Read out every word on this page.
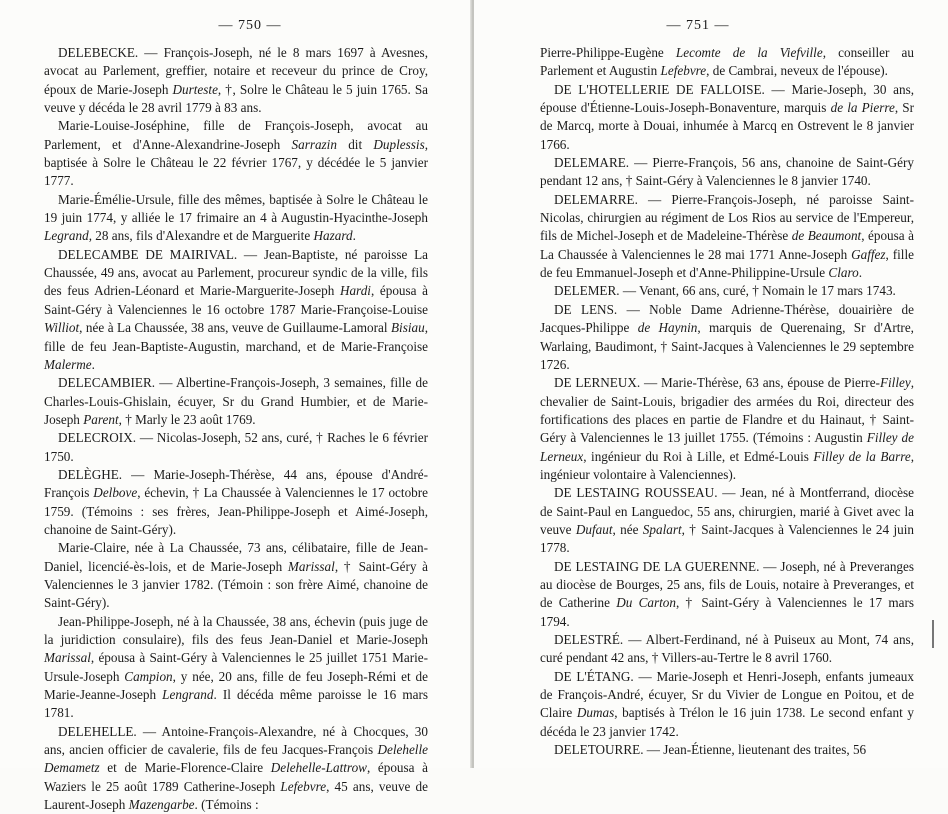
— 750 —

DELEBECKE. — François-Joseph, né le 8 mars 1697 à Avesnes, avocat au Parlement, greffier, notaire et receveur du prince de Croy, époux de Marie-Joseph Durteste, †, Solre le Château le 5 juin 1765. Sa veuve y décéda le 28 avril 1779 à 83 ans.

Marie-Louise-Joséphine, fille de François-Joseph, avocat au Parlement, et d'Anne-Alexandrine-Joseph Sarrazin dit Duplessis, baptisée à Solre le Château le 22 février 1767, y décédée le 5 janvier 1777.

Marie-Émélie-Ursule, fille des mêmes, baptisée à Solre le Château le 19 juin 1774, y alliée le 17 frimaire an 4 à Augustin-Hyacinthe-Joseph Legrand, 28 ans, fils d'Alexandre et de Marguerite Hazard.

DELECAMBE DE MAIRIVAL. — Jean-Baptiste, né paroisse La Chaussée, 49 ans, avocat au Parlement, procureur syndic de la ville, fils des feus Adrien-Léonard et Marie-Marguerite-Joseph Hardi, épousa à Saint-Géry à Valenciennes le 16 octobre 1787 Marie-Françoise-Louise Williot, née à La Chaussée, 38 ans, veuve de Guillaume-Lamoral Bisiau, fille de feu Jean-Baptiste-Augustin, marchand, et de Marie-Françoise Malerme.

DELECAMBIER. — Albertine-François-Joseph, 3 semaines, fille de Charles-Louis-Ghislain, écuyer, Sr du Grand Humbier, et de Marie-Joseph Parent, † Marly le 23 août 1769.

DELECROIX. — Nicolas-Joseph, 52 ans, curé, † Raches le 6 février 1750.

DELÈGHE. — Marie-Joseph-Thérèse, 44 ans, épouse d'André-François Delbove, échevin, † La Chaussée à Valenciennes le 17 octobre 1759. (Témoins : ses frères, Jean-Philippe-Joseph et Aimé-Joseph, chanoine de Saint-Géry).

Marie-Claire, née à La Chaussée, 73 ans, célibataire, fille de Jean-Daniel, licencié-ès-lois, et de Marie-Joseph Marissal, † Saint-Géry à Valenciennes le 3 janvier 1782. (Témoin : son frère Aimé, chanoine de Saint-Géry).

Jean-Philippe-Joseph, né à la Chaussée, 38 ans, échevin (puis juge de la juridiction consulaire), fils des feus Jean-Daniel et Marie-Joseph Marissal, épousa à Saint-Géry à Valenciennes le 25 juillet 1751 Marie-Ursule-Joseph Campion, y née, 20 ans, fille de feu Joseph-Rémi et de Marie-Jeanne-Joseph Lengrand. Il décéda même paroisse le 16 mars 1781.

DELEHELLE. — Antoine-François-Alexandre, né à Chocques, 30 ans, ancien officier de cavalerie, fils de feu Jacques-François Delehelle Demametz et de Marie-Florence-Claire Delehelle-Lattrow, épousa à Waziers le 25 août 1789 Catherine-Joseph Lefebvre, 45 ans, veuve de Laurent-Joseph Mazengarbe. (Témoins :

— 751 —

Pierre-Philippe-Eugène Lecomte de la Viefville, conseiller au Parlement et Augustin Lefebvre, de Cambrai, neveux de l'épouse).

DE L'HOTELLERIE DE FALLOISE. — Marie-Joseph, 30 ans, épouse d'Étienne-Louis-Joseph-Bonaventure, marquis de la Pierre, Sr de Marcq, morte à Douai, inhumée à Marcq en Ostrevent le 8 janvier 1766.

DELEMARE. — Pierre-François, 56 ans, chanoine de Saint-Géry pendant 12 ans, † Saint-Géry à Valenciennes le 8 janvier 1740.

DELEMARRE. — Pierre-François-Joseph, né paroisse Saint-Nicolas, chirurgien au régiment de Los Rios au service de l'Empereur, fils de Michel-Joseph et de Madeleine-Thérèse de Beaumont, épousa à La Chaussée à Valenciennes le 28 mai 1771 Anne-Joseph Gaffez, fille de feu Emmanuel-Joseph et d'Anne-Philippine-Ursule Claro.

DELEMER. — Venant, 66 ans, curé, † Nomain le 17 mars 1743.

DE LENS. — Noble Dame Adrienne-Thérèse, douairière de Jacques-Philippe de Haynin, marquis de Querenaing, Sr d'Artre, Warlaing, Baudimont, † Saint-Jacques à Valenciennes le 29 septembre 1726.

DE LERNEUX. — Marie-Thérèse, 63 ans, épouse de Pierre-Filley, chevalier de Saint-Louis, brigadier des armées du Roi, directeur des fortifications des places en partie de Flandre et du Hainaut, † Saint-Géry à Valenciennes le 13 juillet 1755. (Témoins : Augustin Filley de Lerneux, ingénieur du Roi à Lille, et Edmé-Louis Filley de la Barre, ingénieur volontaire à Valenciennes).

DE LESTAING ROUSSEAU. — Jean, né à Montferrand, diocèse de Saint-Paul en Languedoc, 55 ans, chirurgien, marié à Givet avec la veuve Dufaut, née Spalart, † Saint-Jacques à Valenciennes le 24 juin 1778.

DE LESTAING DE LA GUERENNE. — Joseph, né à Preveranges au diocèse de Bourges, 25 ans, fils de Louis, notaire à Preveranges, et de Catherine Du Carton, † Saint-Géry à Valenciennes le 17 mars 1794.

DELESTRÉ. — Albert-Ferdinand, né à Puiseux au Mont, 74 ans, curé pendant 42 ans, † Villers-au-Tertre le 8 avril 1760.

DE L'ÉTANG. — Marie-Joseph et Henri-Joseph, enfants jumeaux de François-André, écuyer, Sr du Vivier de Longue en Poitou, et de Claire Dumas, baptisés à Trélon le 16 juin 1738. Le second enfant y décéda le 23 janvier 1742.

DELETOURRE. — Jean-Étienne, lieutenant des traites, 56
